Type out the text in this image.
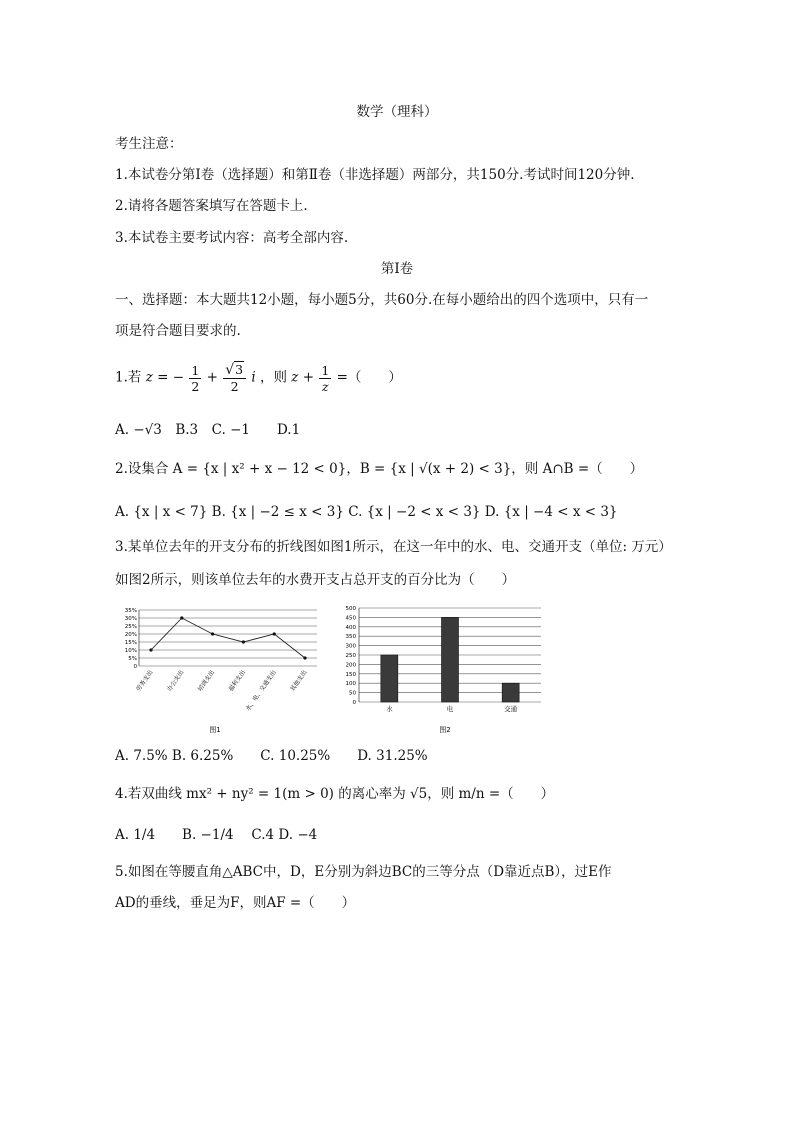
数学（理科）
考生注意：
1.本试卷分第Ⅰ卷（选择题）和第Ⅱ卷（非选择题）两部分，共150分.考试时间120分钟.
2.请将各题答案填写在答题卡上.
3.本试卷主要考试内容：高考全部内容.
第Ⅰ卷
一、选择题：本大题共12小题，每小题5分，共60分.在每小题给出的四个选项中，只有一
项是符合题目要求的.
1.若 z = − $\frac{1}{2} + \frac{√3}{2}$ i ，则 $z + \frac{1}{z}$ =（　　）
A. −√3　B.3　C. −1　　D.1
2.设集合 A = {x | x² + x − 12 < 0}，B = {x | √(x + 2) < 3}，则 A∩B =（　　）
A. {x | x < 7} B. {x | −2 ≤ x < 3} C. {x | −2 < x < 3} D. {x | −4 < x < 3}
3.某单位去年的开支分布的折线图如图1所示，在这一年中的水、电、交通开支（单位: 万元）
如图2所示，则该单位去年的水费开支占总开支的百分比为（　　）
35%
30%
25%
20%
15%
10%
5%
0
劳务支出 办公支出 培训支出 福利支出
水、电、交通支出 其他支出
图1
500
450
400
350
300
250
200
150
100
50
0
水	电	交通
图2
A. 7.5% B. 6.25%　　C. 10.25%　　D. 31.25%
4.若双曲线 mx² + ny² = 1(m > 0) 的离心率为 √5，则 m/n =（　　）
A. 1/4　　B. −1/4　 C.4 D. −4
5.如图在等腰直角△ABC中，D，E分别为斜边BC的三等分点（D靠近点B），过E作
AD的垂线，垂足为F，则AF =（　　）
